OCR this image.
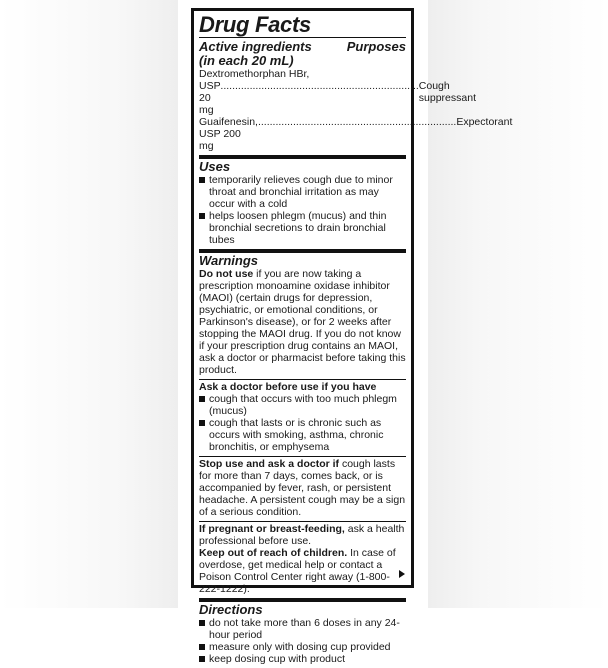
Drug Facts
Active ingredients
(in each 20 mL)
Purposes
Dextromethorphan HBr,
USP 20 mg
.................................................................... Cough suppressant
Guaifenesin, USP 200 mg
.................................................................... Expectorant
Uses
temporarily relieves cough due to minor throat and bronchial irritation as may occur with a cold
helps loosen phlegm (mucus) and thin bronchial secretions to drain bronchial tubes
Warnings
Do not use if you are now taking a prescription monoamine oxidase inhibitor (MAOI) (certain drugs for depression, psychiatric, or emotional conditions, or Parkinson's disease), or for 2 weeks after stopping the MAOI drug. If you do not know if your prescription drug contains an MAOI, ask a doctor or pharmacist before taking this product.
Ask a doctor before use if you have
cough that occurs with too much phlegm (mucus)
cough that lasts or is chronic such as occurs with smoking, asthma, chronic bronchitis, or emphysema
Stop use and ask a doctor if cough lasts for more than 7 days, comes back, or is accompanied by fever, rash, or persistent headache. A persistent cough may be a sign of a serious condition.
If pregnant or breast-feeding, ask a health professional before use.
Keep out of reach of children. In case of overdose, get medical help or contact a Poison Control Center right away (1-800-222-1222).
Directions
do not take more than 6 doses in any 24-hour period
measure only with dosing cup provided
keep dosing cup with product
